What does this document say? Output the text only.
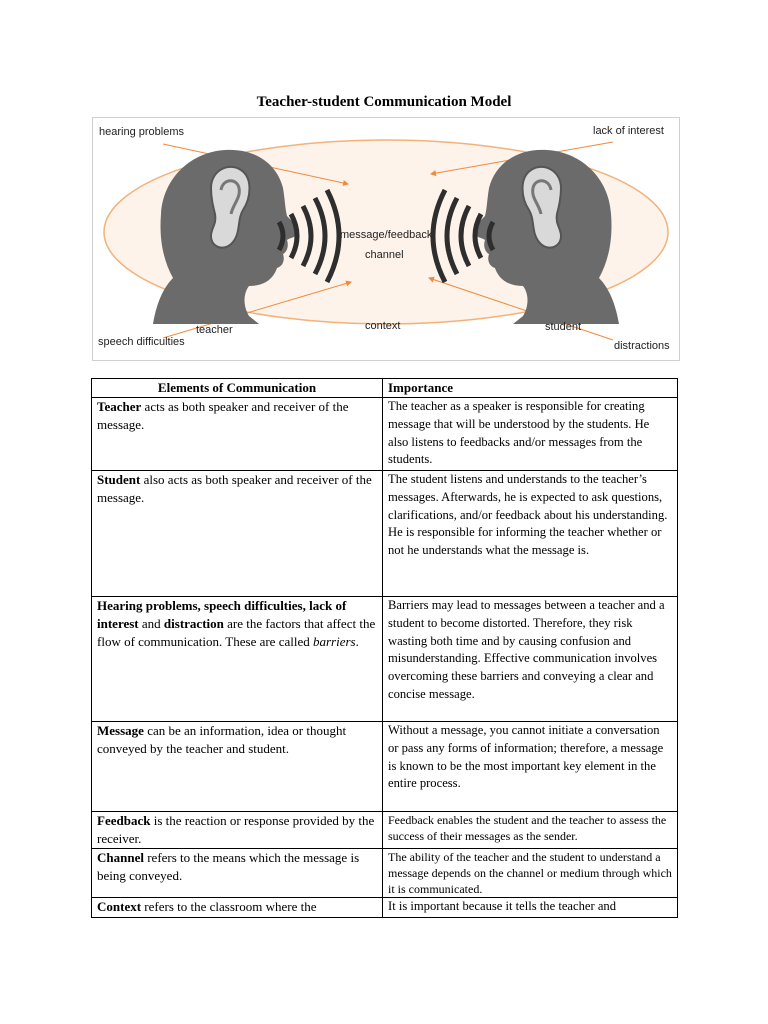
Teacher-student Communication Model
hearing problems	lack of interest
message/feedback
channel
teacher	context	student
speech difficulties	distractions
Elements of Communication	Importance
Teacher acts as both speaker and receiver of the message.	The teacher as a speaker is responsible for creating message that will be understood by the students. He also listens to feedbacks and/or messages from the students.
Student also acts as both speaker and receiver of the message.	The student listens and understands to the teacher’s messages. Afterwards, he is expected to ask questions, clarifications, and/or feedback about his understanding. He is responsible for informing the teacher whether or not he understands what the message is.
Hearing problems, speech difficulties, lack of interest and distraction are the factors that affect the flow of communication. These are called barriers.	Barriers may lead to messages between a teacher and a student to become distorted. Therefore, they risk wasting both time and by causing confusion and misunderstanding. Effective communication involves overcoming these barriers and conveying a clear and concise message.
Message can be an information, idea or thought conveyed by the teacher and student.	Without a message, you cannot initiate a conversation or pass any forms of information; therefore, a message is known to be the most important key element in the entire process.
Feedback is the reaction or response provided by the receiver.	Feedback enables the student and the teacher to assess the success of their messages as the sender.
Channel refers to the means which the message is being conveyed.	The ability of the teacher and the student to understand a message depends on the channel or medium through which it is communicated.
Context refers to the classroom where the	It is important because it tells the teacher and
